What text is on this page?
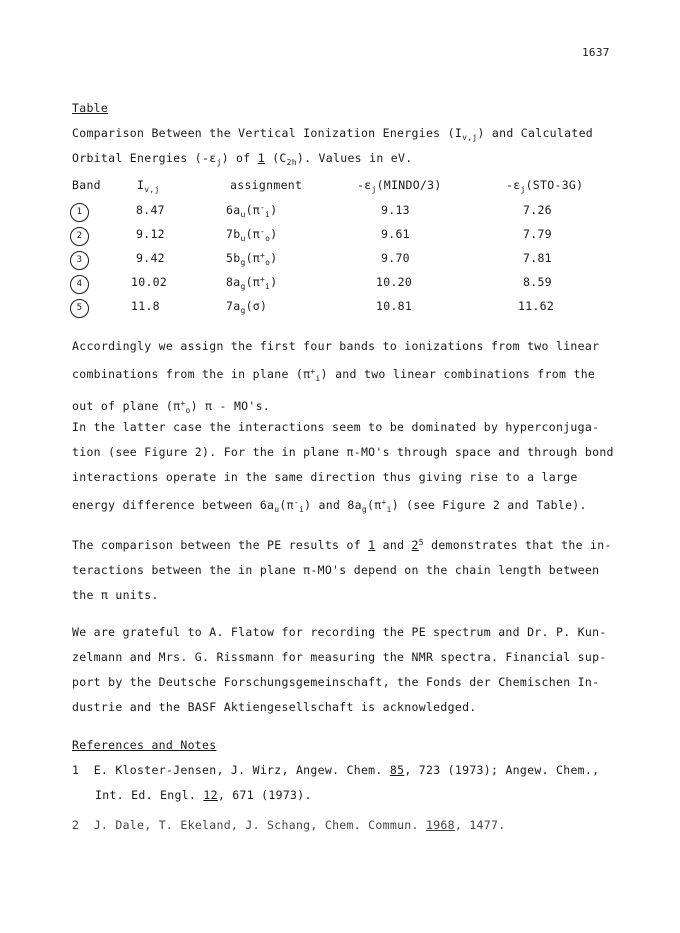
1637
Table
Comparison Between the Vertical Ionization Energies $(I_{v,j})$ and Calculated
Orbital Energies $(-\varepsilon_j)$ of 1 $(C_{2h})$. Values in eV.
Band	$I_{v,j}$	assignment	$-\varepsilon_j(MINDO/3)$	$-\varepsilon_j(STO-3G)$
1	8.47	$6a_u(\pi^-_i)$	9.13	7.26
2	9.12	$7b_u(\pi^-_o)$	9.61	7.79
3	9.42	$5b_g(\pi^+_o)$	9.70	7.81
4	10.02	$8a_g(\pi^+_i)$	10.20	8.59
5	11.8	$7a_g(\sigma)$	10.81	11.62
Accordingly we assign the first four bands to ionizations from two linear combinations from the in plane $(\pi^+_i)$ and two linear combinations from the out of plane $(\pi^+_o)$ π - MO's.
In the latter case the interactions seem to be dominated by hyperconjuga-tion (see Figure 2). For the in plane π-MO's through space and through bond interactions operate in the same direction thus giving rise to a large energy difference between $6a_u(\pi^-_i)$ and $8a_g(\pi^+_i)$ (see Figure 2 and Table).
The comparison between the PE results of 1 and $2^5$ demonstrates that the in-teractions between the in plane π-MO's depend on the chain length between the π units.
We are grateful to A. Flatow for recording the PE spectrum and Dr. P. Kun-zelmann and Mrs. G. Rissmann for measuring the NMR spectra. Financial sup-port by the Deutsche Forschungsgemeinschaft, the Fonds der Chemischen In-dustrie and the BASF Aktiengesellschaft is acknowledged.
References and Notes
1 E. Kloster-Jensen, J. Wirz, Angew. Chem. 85, 723 (1973); Angew. Chem.,
Int. Ed. Engl. 12, 671 (1973).
2 J. Dale, T. Ekeland, J. Schang, Chem. Commun. 1968, 1477.
